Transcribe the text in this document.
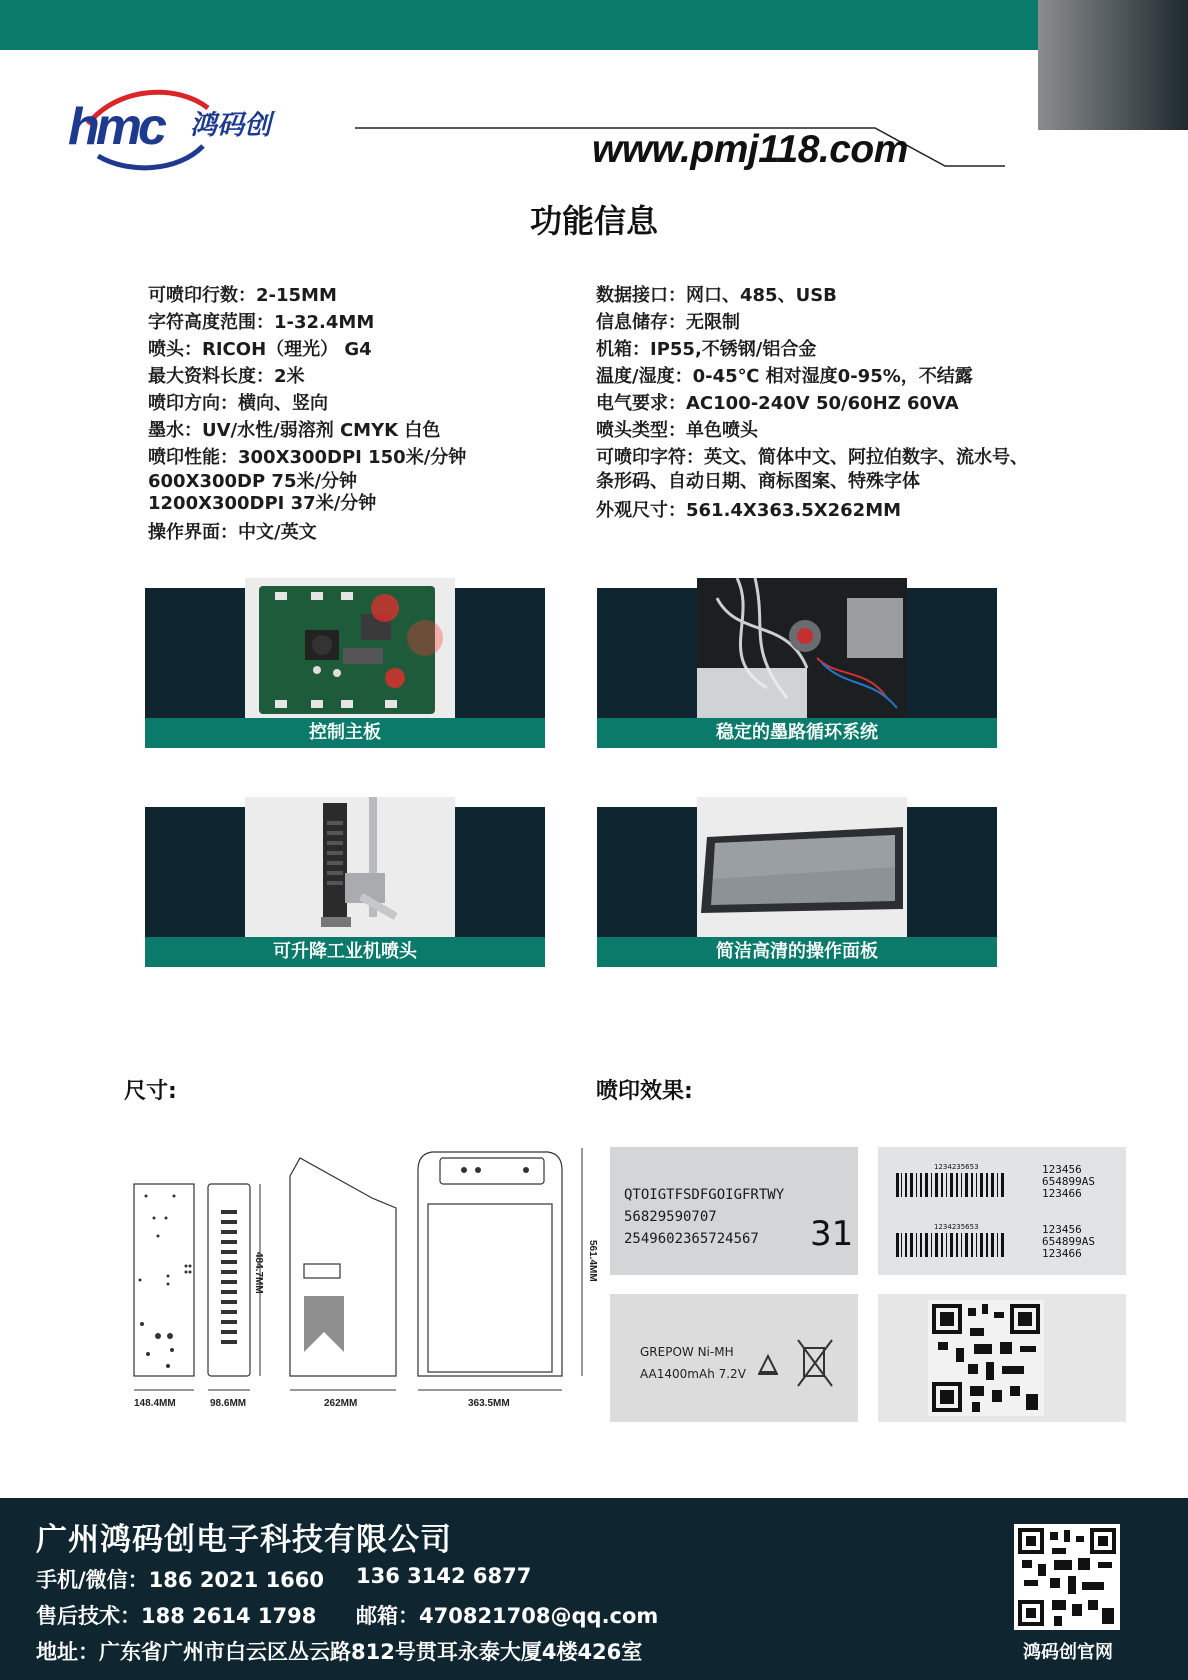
hmc 鸿码创
www.pmj118.com
功能信息
可喷印行数：2-15MM
字符高度范围：1-32.4MM
喷头：RICOH（理光） G4
最大资料长度：2米
喷印方向：横向、竖向
墨水：UV/水性/弱溶剂 CMYK 白色
喷印性能：300X300DPI 150米/分钟
600X300DP 75米/分钟
1200X300DPI 37米/分钟
操作界面：中文/英文
数据接口：网口、485、USB
信息储存：无限制
机箱：IP55,不锈钢/铝合金
温度/湿度：0-45℃ 相对湿度0-95%，不结露
电气要求：AC100-240V 50/60HZ 60VA
喷头类型：单色喷头
可喷印字符：英文、简体中文、阿拉伯数字、流水号、
条形码、自动日期、商标图案、特殊字体
外观尺寸：561.4X363.5X262MM
控制主板	稳定的墨路循环系统
可升降工业机喷头	简洁高清的操作面板
尺寸:	喷印效果:
148.4MM	98.6MM	262MM	363.5MM
484.7MM	561.4MM
QTOIGTFSDFGOIGFRTWY
56829590707
2549602365724567 31
1234235653
1234235653
123456
654899AS
123466
123456
654899AS
123466
GREPOW Ni-MH
AA1400mAh 7.2V
广州鸿码创电子科技有限公司
手机/微信：186 2021 1660 136 3142 6877
售后技术：188 2614 1798 邮箱：470821708@qq.com
地址：广东省广州市白云区丛云路812号贯耳永泰大厦4楼426室	鸿码创官网
